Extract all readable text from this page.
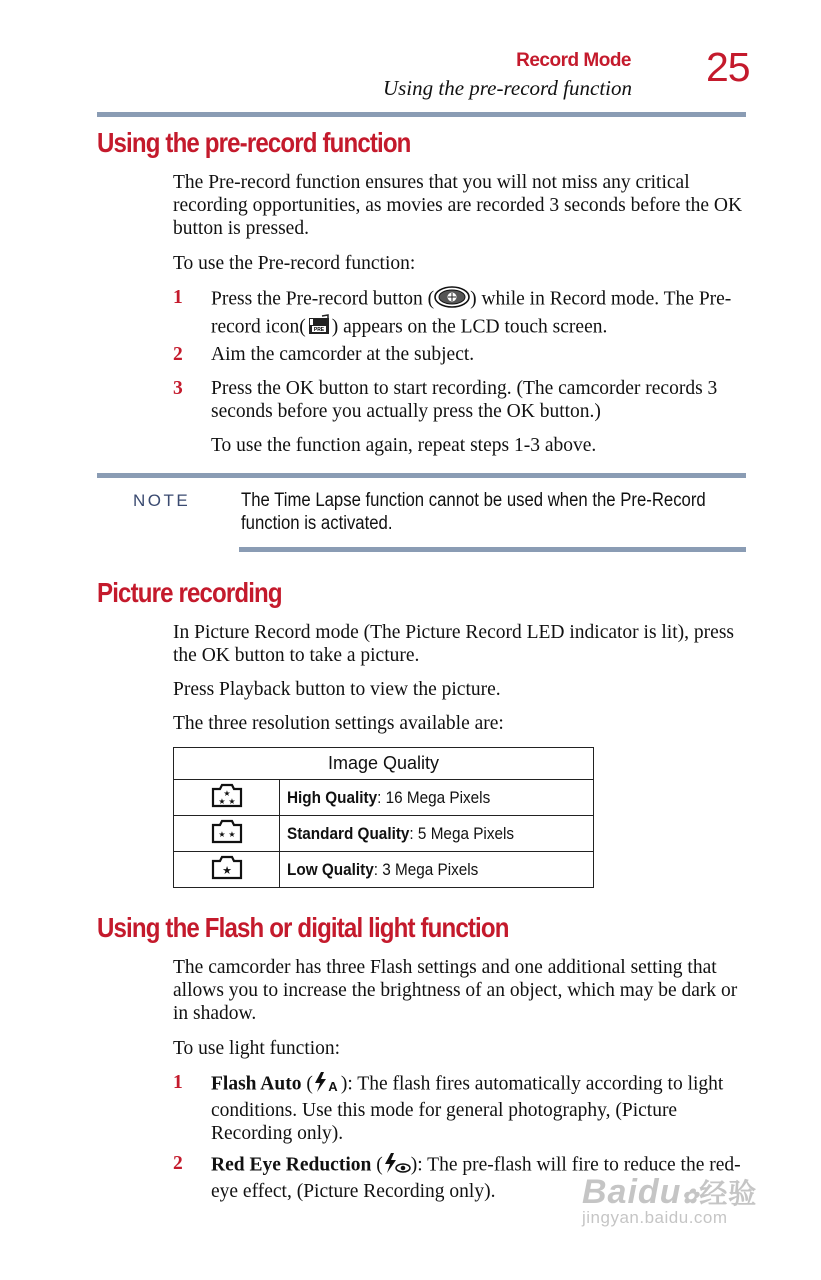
Record Mode
Using the pre-record function 25
Using the pre-record function
The Pre-record function ensures that you will not miss any critical recording opportunities, as movies are recorded 3 seconds before the OK button is pressed.
To use the Pre-record function:
1 Press the Pre-record button ( ) while in Record mode. The Pre-record icon( PRE ) appears on the LCD touch screen.
2 Aim the camcorder at the subject.
3 Press the OK button to start recording. (The camcorder records 3 seconds before you actually press the OK button.)
To use the function again, repeat steps 1-3 above.
NOTE	The Time Lapse function cannot be used when the Pre-Record
function is activated.
Picture recording
In Picture Record mode (The Picture Record LED indicator is lit), press the OK button to take a picture.
Press Playback button to view the picture.
The three resolution settings available are:
Image Quality	

★
★ ★	High Quality: 16 Mega Pixels

★ ★	Standard Quality: 5 Mega Pixels

★	Low Quality: 3 Mega Pixels
Using the Flash or digital light function
The camcorder has three Flash settings and one additional setting that allows you to increase the brightness of an object, which may be dark or in shadow.
To use light function:
1 Flash Auto ( A ): The flash fires automatically according to light conditions. Use this mode for general photography, (Picture Recording only).
2 Red Eye Reduction ( ): The pre-flash will fire to reduce the red-eye effect, (Picture Recording only).	Baidu✿经验
jingyan.baidu.com
